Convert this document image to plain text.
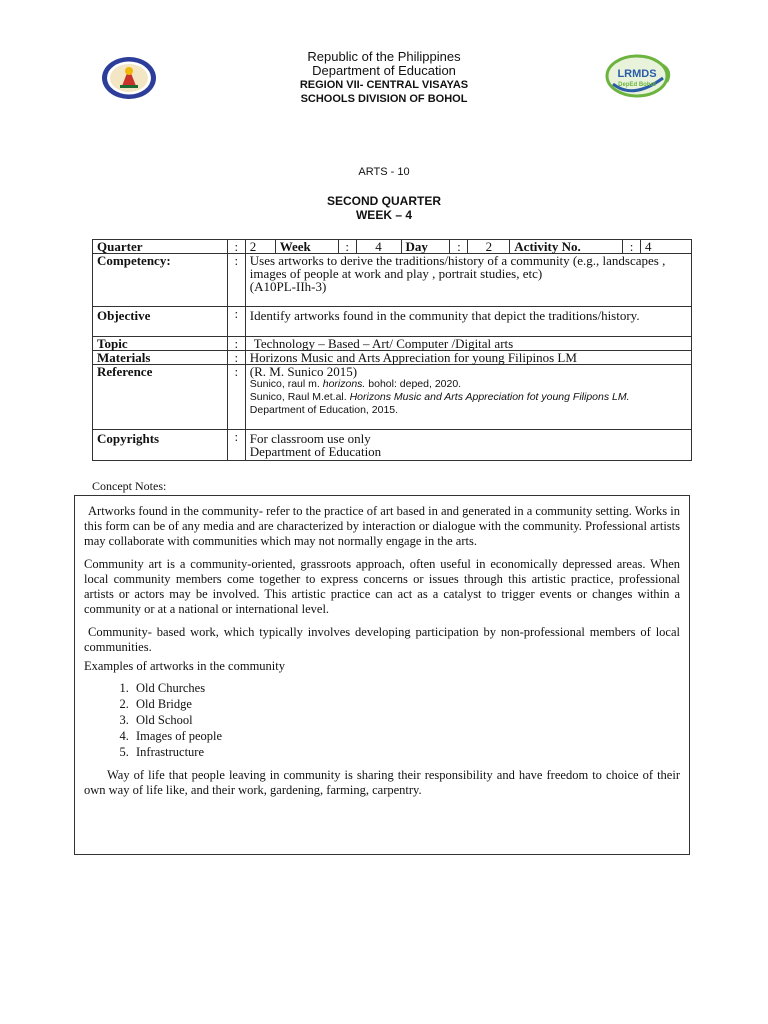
LRMDS
DepEd Bohol
Republic of the Philippines
Department of Education
REGION VII- CENTRAL VISAYAS
SCHOOLS DIVISION OF BOHOL
ARTS - 10
SECOND QUARTER
WEEK – 4
Quarter	:	2	Week	:	4	Day	:	2	Activity No.	:	4
Competency:	:	Uses artworks to derive the traditions/history of a community (e.g., landscapes , images of people at work and play , portrait studies, etc)
(A10PL-IIh-3)									

Objective	:	Identify artworks found in the community that depict the traditions/history.									
Topic	:	Technology – Based – Art/ Computer /Digital arts									
Materials	:	Horizons Music and Arts Appreciation for young Filipinos LM									
Reference	:	(R. M. Sunico 2015)
Sunico, raul m. horizons. bohol: deped, 2020.
Sunico, Raul M.et.al. Horizons Music and Arts Appreciation fot young Filipons LM. Department of Education, 2015.									

Copyrights	:	For classroom use only
Department of Education									
Concept Notes:

Artworks found in the community- refer to the practice of art based in and generated in a community setting. Works in this form can be of any media and are characterized by interaction or dialogue with the community. Professional artists may collaborate with communities which may not normally engage in the arts.

Community art is a community-oriented, grassroots approach, often useful in economically depressed areas. When local community members come together to express concerns or issues through this artistic practice, professional artists or actors may be involved. This artistic practice can act as a catalyst to trigger events or changes within a community or at a national or international level.

Community- based work, which typically involves developing participation by non-professional members of local communities.

Examples of artworks in the community

1. Old Churches
2. Old Bridge
3. Old School
4. Images of people
5. Infrastructure

Way of life that people leaving in community is sharing their responsibility and have freedom to choice of their own way of life like, and their work, gardening, farming, carpentry.
